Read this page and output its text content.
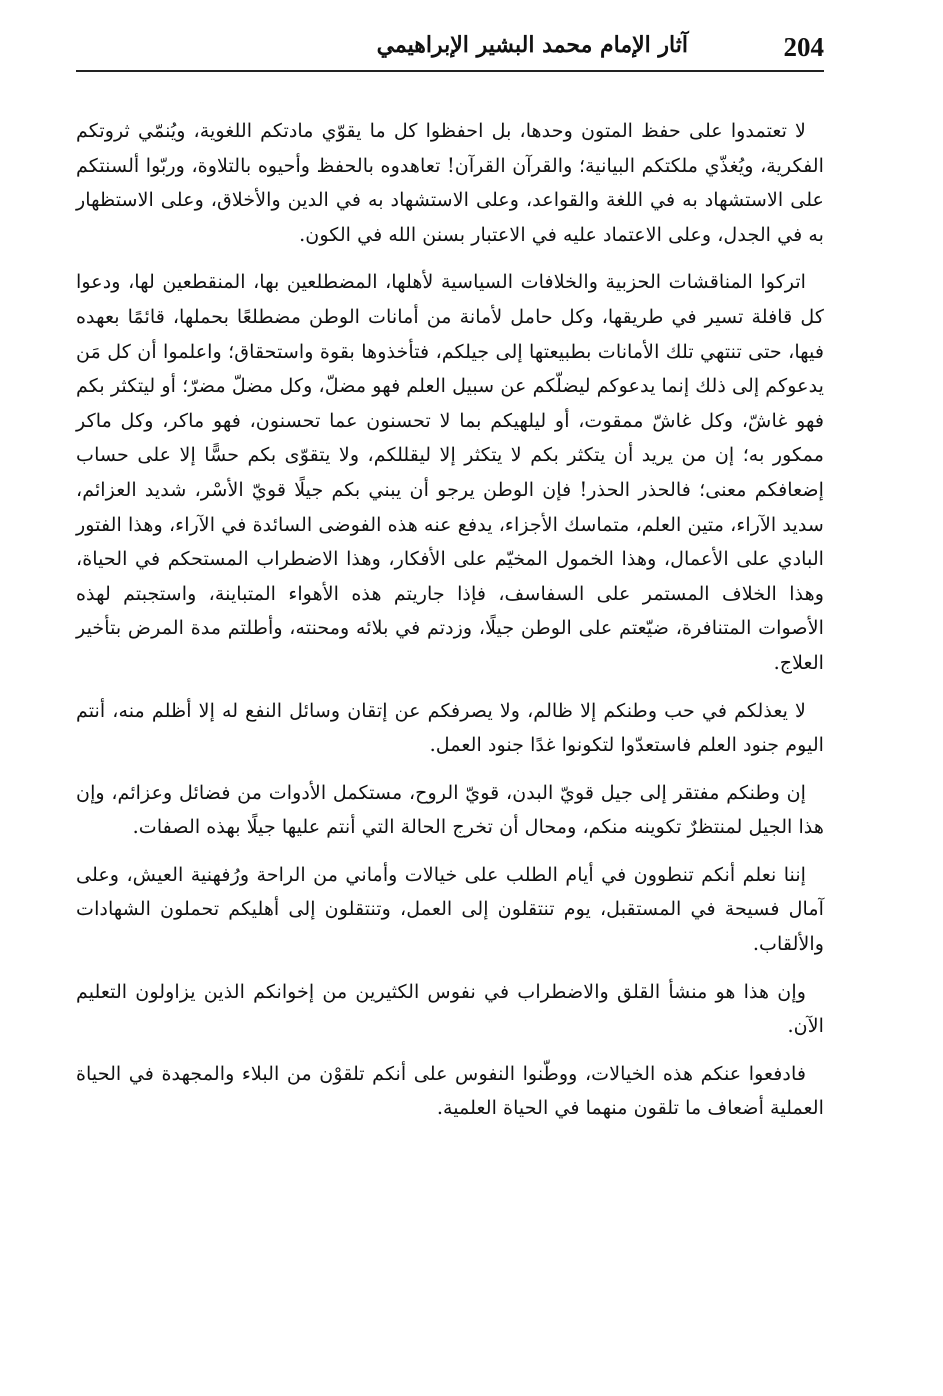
204
آثار الإمام محمد البشير الإبراهيمي

لا تعتمدوا على حفظ المتون وحدها، بل احفظوا كل ما يقوّي مادتكم اللغوية، ويُنمّي ثروتكم الفكرية، ويُغذّي ملكتكم البيانية؛ والقرآن القرآن! تعاهدوه بالحفظ وأحيوه بالتلاوة، وربّوا ألسنتكم على الاستشهاد به في اللغة والقواعد، وعلى الاستشهاد به في الدين والأخلاق، وعلى الاستظهار به في الجدل، وعلى الاعتماد عليه في الاعتبار بسنن الله في الكون.

اتركوا المناقشات الحزبية والخلافات السياسية لأهلها، المضطلعين بها، المنقطعين لها، ودعوا كل قافلة تسير في طريقها، وكل حامل لأمانة من أمانات الوطن مضطلعًا بحملها، قائمًا بعهده فيها، حتى تنتهي تلك الأمانات بطبيعتها إلى جيلكم، فتأخذوها بقوة واستحقاق؛ واعلموا أن كل مَن يدعوكم إلى ذلك إنما يدعوكم ليضلّكم عن سبيل العلم فهو مضلّ، وكل مضلّ مضرّ؛ أو ليتكثر بكم فهو غاشّ، وكل غاشّ ممقوت، أو ليلهيكم بما لا تحسنون عما تحسنون، فهو ماكر، وكل ماكر ممكور به؛ إن من يريد أن يتكثر بكم لا يتكثر إلا ليقللكم، ولا يتقوّى بكم حسًّا إلا على حساب إضعافكم معنى؛ فالحذر الحذر! فإن الوطن يرجو أن يبني بكم جيلًا قويّ الأسْر، شديد العزائم، سديد الآراء، متين العلم، متماسك الأجزاء، يدفع عنه هذه الفوضى السائدة في الآراء، وهذا الفتور البادي على الأعمال، وهذا الخمول المخيّم على الأفكار، وهذا الاضطراب المستحكم في الحياة، وهذا الخلاف المستمر على السفاسف، فإذا جاريتم هذه الأهواء المتباينة، واستجبتم لهذه الأصوات المتنافرة، ضيّعتم على الوطن جيلًا، وزدتم في بلائه ومحنته، وأطلتم مدة المرض بتأخير العلاج.

لا يعذلكم في حب وطنكم إلا ظالم، ولا يصرفكم عن إتقان وسائل النفع له إلا أظلم منه، أنتم اليوم جنود العلم فاستعدّوا لتكونوا غدًا جنود العمل.

إن وطنكم مفتقر إلى جيل قويّ البدن، قويّ الروح، مستكمل الأدوات من فضائل وعزائم، وإن هذا الجيل لمنتظرٌ تكوينه منكم، ومحال أن تخرج الحالة التي أنتم عليها جيلًا بهذه الصفات.

إننا نعلم أنكم تنطوون في أيام الطلب على خيالات وأماني من الراحة ورُفهنية العيش، وعلى آمال فسيحة في المستقبل، يوم تنتقلون إلى العمل، وتنتقلون إلى أهليكم تحملون الشهادات والألقاب.

وإن هذا هو منشأ القلق والاضطراب في نفوس الكثيرين من إخوانكم الذين يزاولون التعليم الآن.

فادفعوا عنكم هذه الخيالات، ووطّنوا النفوس على أنكم تلقوْن من البلاء والمجهدة في الحياة العملية أضعاف ما تلقون منهما في الحياة العلمية.
